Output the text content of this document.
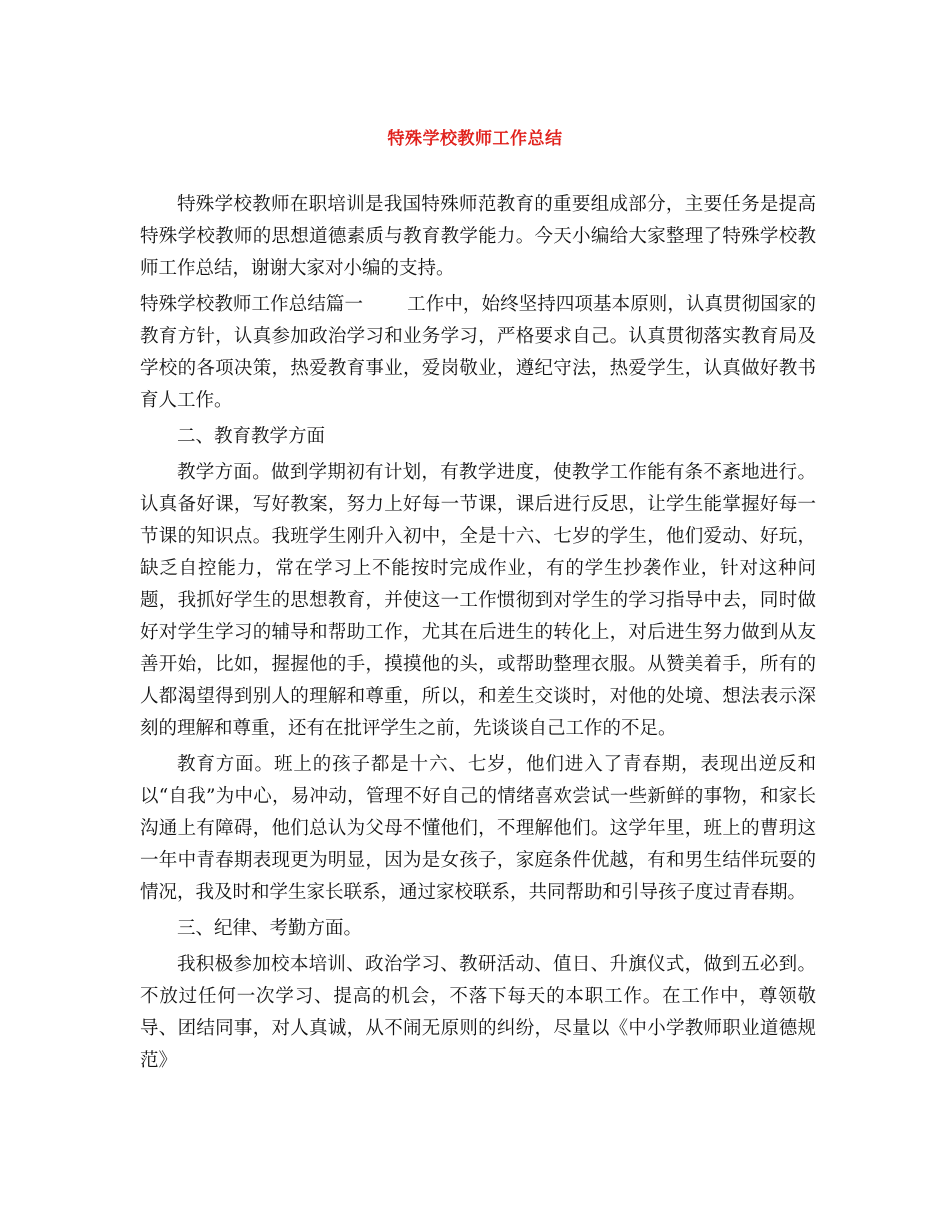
特殊学校教师工作总结

特殊学校教师在职培训是我国特殊师范教育的重要组成部分，主要任务是提高特殊学校教师的思想道德素质与教育教学能力。今天小编给大家整理了特殊学校教师工作总结，谢谢大家对小编的支持。

特殊学校教师工作总结篇一 工作中，始终坚持四项基本原则，认真贯彻国家的教育方针，认真参加政治学习和业务学习，严格要求自己。认真贯彻落实教育局及学校的各项决策，热爱教育事业，爱岗敬业，遵纪守法，热爱学生，认真做好教书育人工作。

二、教育教学方面

教学方面。做到学期初有计划，有教学进度，使教学工作能有条不紊地进行。认真备好课，写好教案，努力上好每一节课，课后进行反思，让学生能掌握好每一节课的知识点。我班学生刚升入初中，全是十六、七岁的学生，他们爱动、好玩，缺乏自控能力，常在学习上不能按时完成作业，有的学生抄袭作业，针对这种问题，我抓好学生的思想教育，并使这一工作惯彻到对学生的学习指导中去，同时做好对学生学习的辅导和帮助工作，尤其在后进生的转化上，对后进生努力做到从友善开始，比如，握握他的手，摸摸他的头，或帮助整理衣服。从赞美着手，所有的人都渴望得到别人的理解和尊重，所以，和差生交谈时，对他的处境、想法表示深刻的理解和尊重，还有在批评学生之前，先谈谈自己工作的不足。

教育方面。班上的孩子都是十六、七岁，他们进入了青春期，表现出逆反和以“自我”为中心，易冲动，管理不好自己的情绪喜欢尝试一些新鲜的事物，和家长沟通上有障碍，他们总认为父母不懂他们，不理解他们。这学年里，班上的曹玥这一年中青春期表现更为明显，因为是女孩子，家庭条件优越，有和男生结伴玩耍的情况，我及时和学生家长联系，通过家校联系，共同帮助和引导孩子度过青春期。

三、纪律、考勤方面。

我积极参加校本培训、政治学习、教研活动、值日、升旗仪式，做到五必到。不放过任何一次学习、提高的机会，不落下每天的本职工作。在工作中，尊领敬导、团结同事，对人真诚，从不闹无原则的纠纷，尽量以《中小学教师职业道德规范》
